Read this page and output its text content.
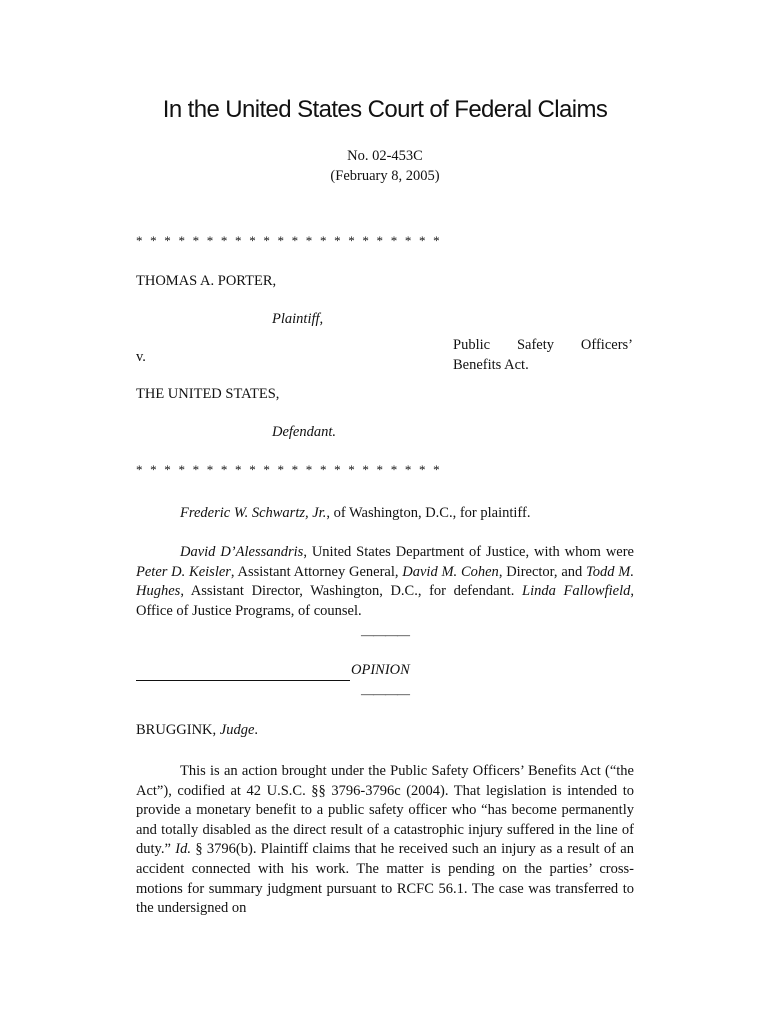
In the United States Court of Federal Claims
No. 02-453C
(February 8, 2005)
* * * * * * * * * * * * * * * * * * * * * *
THOMAS A. PORTER,
Plaintiff,
v.
Public Safety Officers’
Benefits Act.
THE UNITED STATES,
Defendant.
* * * * * * * * * * * * * * * * * * * * * *
Frederic W. Schwartz, Jr., of Washington, D.C., for plaintiff.
David D’Alessandris, United States Department of Justice, with whom were Peter D. Keisler, Assistant Attorney General, David M. Cohen, Director, and Todd M. Hughes, Assistant Director, Washington, D.C., for defendant. Linda Fallowfield, Office of Justice Programs, of counsel.
————
OPINION
————
BRUGGINK, Judge.
This is an action brought under the Public Safety Officers’ Benefits Act (“the Act”), codified at 42 U.S.C. §§ 3796-3796c (2004). That legislation is intended to provide a monetary benefit to a public safety officer who “has become permanently and totally disabled as the direct result of a catastrophic injury suffered in the line of duty.” Id. § 3796(b). Plaintiff claims that he received such an injury as a result of an accident connected with his work. The matter is pending on the parties’ cross-motions for summary judgment pursuant to RCFC 56.1. The case was transferred to the undersigned on
